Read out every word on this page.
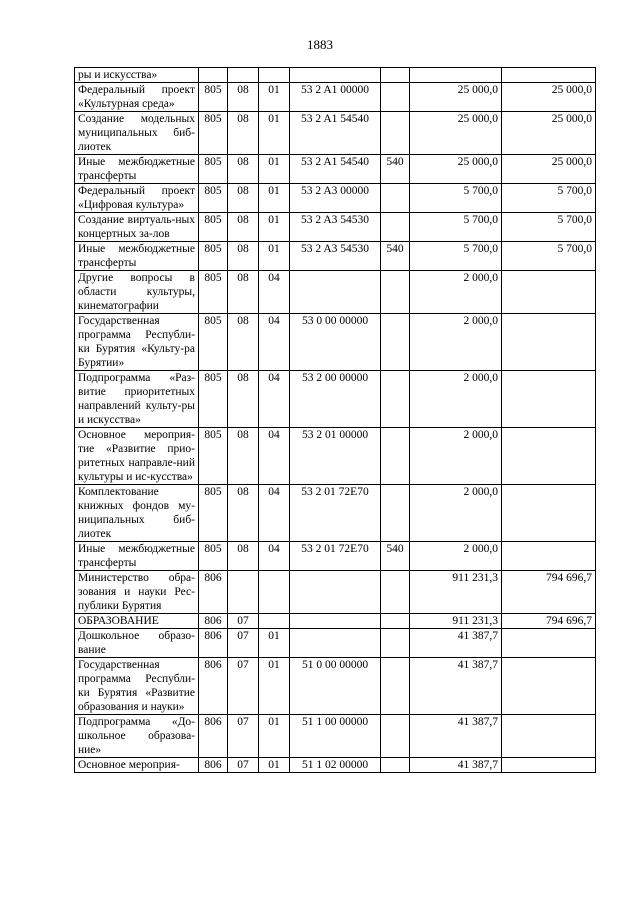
1883
ры и искусства»							
Федеральный проект «Культурная среда»	805	08	01	53 2 A1 00000		25 000,0	25 000,0
Создание модельных муниципальных биб-лиотек	805	08	01	53 2 A1 54540		25 000,0	25 000,0
Иные межбюджетные трансферты	805	08	01	53 2 A1 54540	540	25 000,0	25 000,0
Федеральный проект «Цифровая культура»	805	08	01	53 2 A3 00000		5 700,0	5 700,0
Создание виртуаль-ных концертных за-лов	805	08	01	53 2 A3 54530		5 700,0	5 700,0
Иные межбюджетные трансферты	805	08	01	53 2 A3 54530	540	5 700,0	5 700,0
Другие вопросы в области культуры, кинематографии	805	08	04			2 000,0	
Государственная программа Республи-ки Бурятия «Культу-ра Бурятии»	805	08	04	53 0 00 00000		2 000,0	
Подпрограмма «Раз-витие приоритетных направлений культу-ры и искусства»	805	08	04	53 2 00 00000		2 000,0	
Основное мероприя-тие «Развитие прио-ритетных направле-ний культуры и ис-кусства»	805	08	04	53 2 01 00000		2 000,0	
Комплектование книжных фондов му-ниципальных биб-лиотек	805	08	04	53 2 01 72E70		2 000,0	
Иные межбюджетные трансферты	805	08	04	53 2 01 72E70	540	2 000,0	
Министерство обра-зования и науки Рес-публики Бурятия	806					911 231,3	794 696,7
ОБРАЗОВАНИЕ	806	07				911 231,3	794 696,7
Дошкольное образо-вание	806	07	01			41 387,7	
Государственная программа Республи-ки Бурятия «Развитие образования и науки»	806	07	01	51 0 00 00000		41 387,7	
Подпрограмма «До-школьное образова-ние»	806	07	01	51 1 00 00000		41 387,7	
Основное мероприя-	806	07	01	51 1 02 00000		41 387,7	
